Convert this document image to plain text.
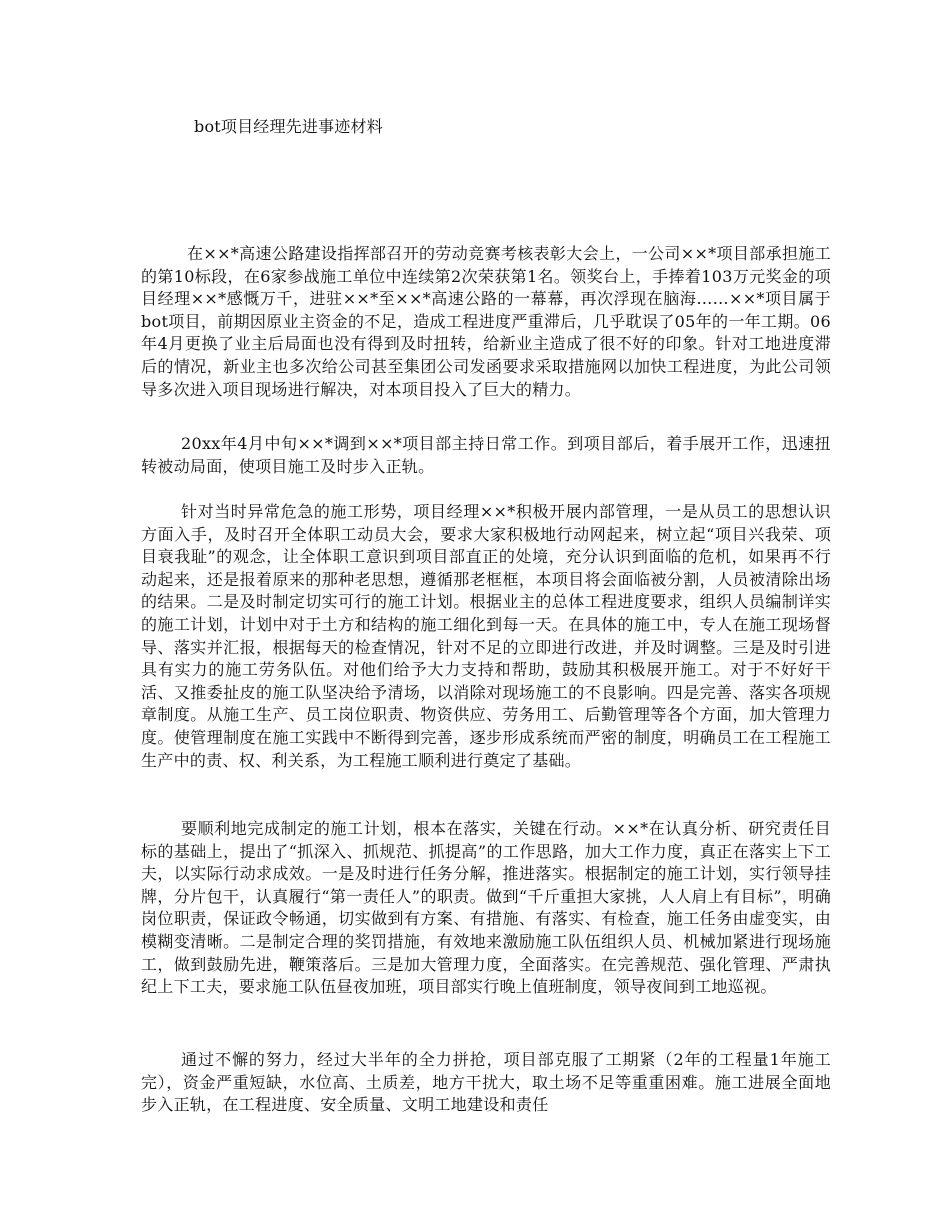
bot项目经理先进事迹材料

在××*高速公路建设指挥部召开的劳动竞赛考核表彰大会上，一公司××*项目部承担施工的第10标段，在6家参战施工单位中连续第2次荣获第1名。领奖台上，手捧着103万元奖金的项目经理××*感慨万千，进驻××*至××*高速公路的一幕幕，再次浮现在脑海……××*项目属于bot项目，前期因原业主资金的不足，造成工程进度严重滞后，几乎耽误了05年的一年工期。06年4月更换了业主后局面也没有得到及时扭转，给新业主造成了很不好的印象。针对工地进度滞后的情况，新业主也多次给公司甚至集团公司发函要求采取措施网以加快工程进度，为此公司领导多次进入项目现场进行解决，对本项目投入了巨大的精力。

20xx年4月中旬××*调到××*项目部主持日常工作。到项目部后，着手展开工作，迅速扭转被动局面，使项目施工及时步入正轨。

针对当时异常危急的施工形势，项目经理××*积极开展内部管理，一是从员工的思想认识方面入手，及时召开全体职工动员大会，要求大家积极地行动网起来，树立起“项目兴我荣、项目衰我耻”的观念，让全体职工意识到项目部直正的处境，充分认识到面临的危机，如果再不行动起来，还是报着原来的那种老思想，遵循那老框框，本项目将会面临被分割，人员被清除出场的结果。二是及时制定切实可行的施工计划。根据业主的总体工程进度要求，组织人员编制详实的施工计划，计划中对于土方和结构的施工细化到每一天。在具体的施工中，专人在施工现场督导、落实并汇报，根据每天的检查情况，针对不足的立即进行改进，并及时调整。三是及时引进具有实力的施工劳务队伍。对他们给予大力支持和帮助，鼓励其积极展开施工。对于不好好干活、又推委扯皮的施工队坚决给予清场，以消除对现场施工的不良影响。四是完善、落实各项规章制度。从施工生产、员工岗位职责、物资供应、劳务用工、后勤管理等各个方面，加大管理力度。使管理制度在施工实践中不断得到完善，逐步形成系统而严密的制度，明确员工在工程施工生产中的责、权、利关系，为工程施工顺利进行奠定了基础。

要顺利地完成制定的施工计划，根本在落实，关键在行动。××*在认真分析、研究责任目标的基础上，提出了“抓深入、抓规范、抓提高”的工作思路，加大工作力度，真正在落实上下工夫，以实际行动求成效。一是及时进行任务分解，推进落实。根据制定的施工计划，实行领导挂牌，分片包干，认真履行“第一责任人”的职责。做到“千斤重担大家挑，人人肩上有目标”，明确岗位职责，保证政令畅通，切实做到有方案、有措施、有落实、有检查，施工任务由虚变实，由模糊变清晰。二是制定合理的奖罚措施，有效地来激励施工队伍组织人员、机械加紧进行现场施工，做到鼓励先进，鞭策落后。三是加大管理力度，全面落实。在完善规范、强化管理、严肃执纪上下工夫，要求施工队伍昼夜加班，项目部实行晚上值班制度，领导夜间到工地巡视。

通过不懈的努力，经过大半年的全力拼抢，项目部克服了工期紧（2年的工程量1年施工完），资金严重短缺，水位高、土质差，地方干扰大，取土场不足等重重困难。施工进展全面地步入正轨，在工程进度、安全质量、文明工地建设和责任
